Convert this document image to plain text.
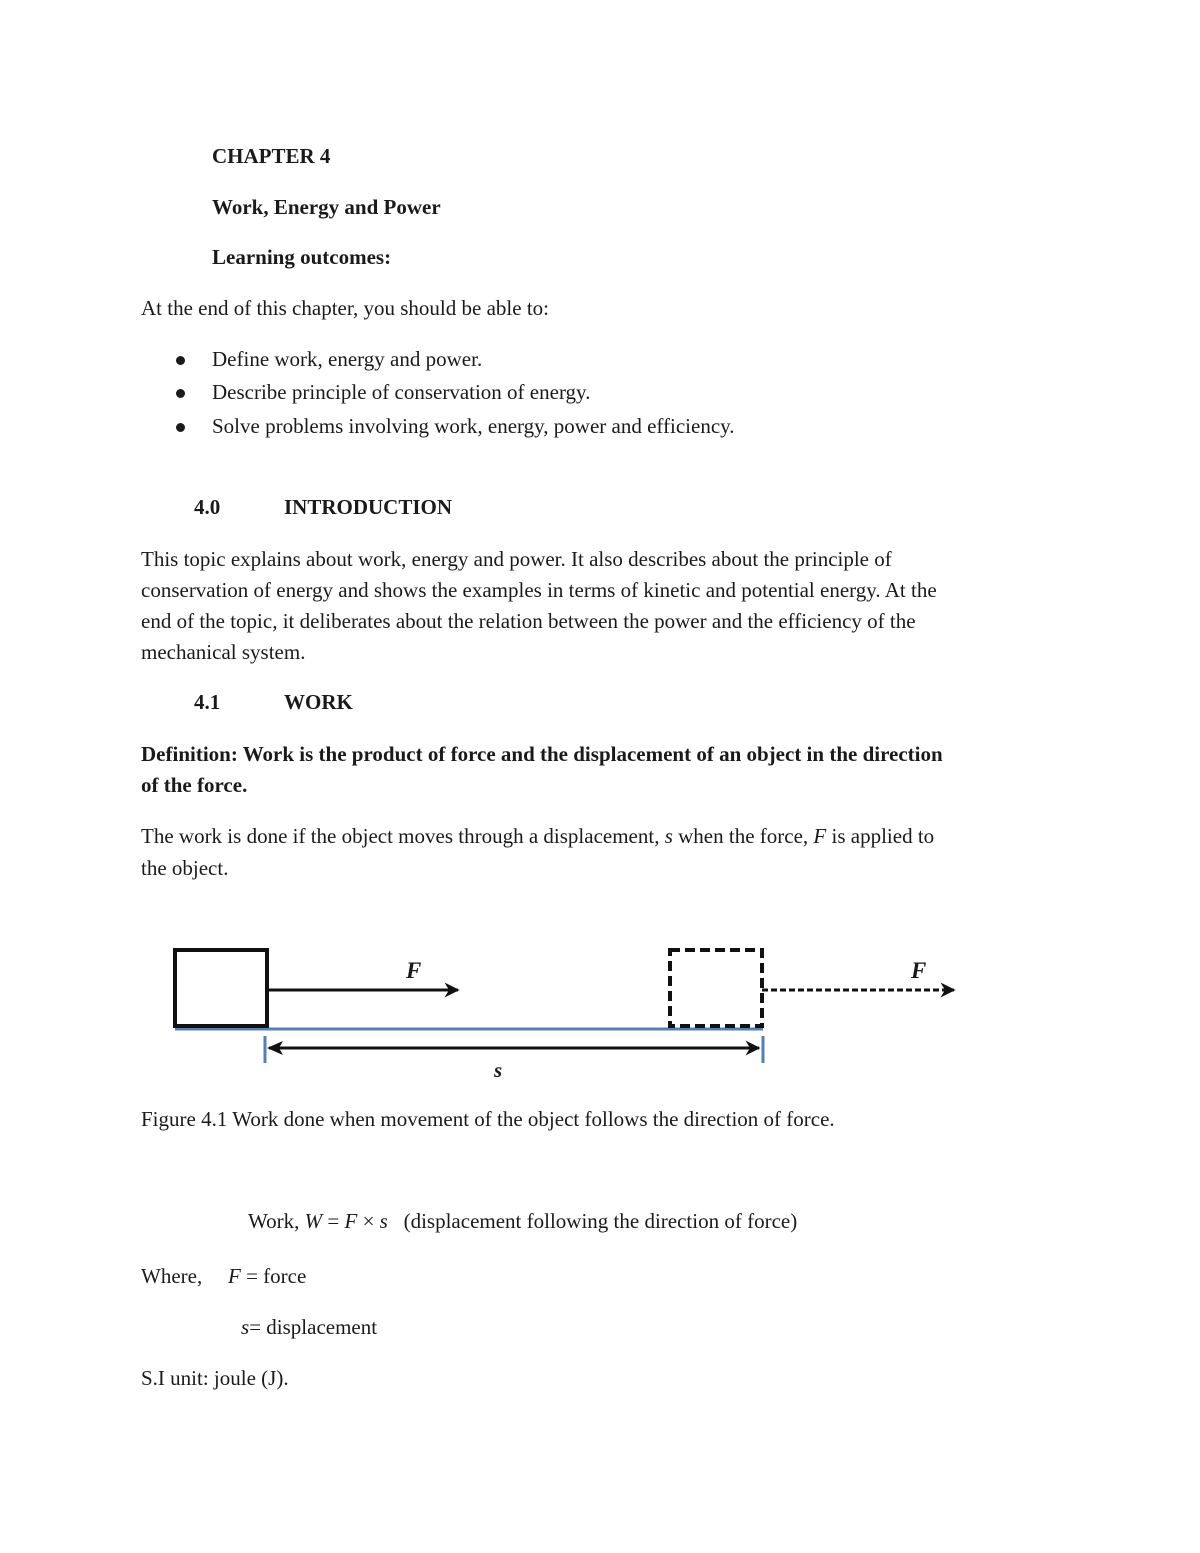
CHAPTER 4
Work, Energy and Power
Learning outcomes:
At the end of this chapter, you should be able to:
Define work, energy and power.
Describe principle of conservation of energy.
Solve problems involving work, energy, power and efficiency.
4.0	INTRODUCTION
This topic explains about work, energy and power. It also describes about the principle of
conservation of energy and shows the examples in terms of kinetic and potential energy. At the
end of the topic, it deliberates about the relation between the power and the efficiency of the
mechanical system.
4.1	WORK
Definition: Work is the product of force and the displacement of an object in the direction
of the force.
The work is done if the object moves through a displacement, s when the force, F is applied to
the object.
F	F
s
Figure 4.1 Work done when movement of the object follows the direction of force.
Work, W = F × s   (displacement following the direction of force)
Where, F = force
s= displacement
S.I unit: joule (J).
